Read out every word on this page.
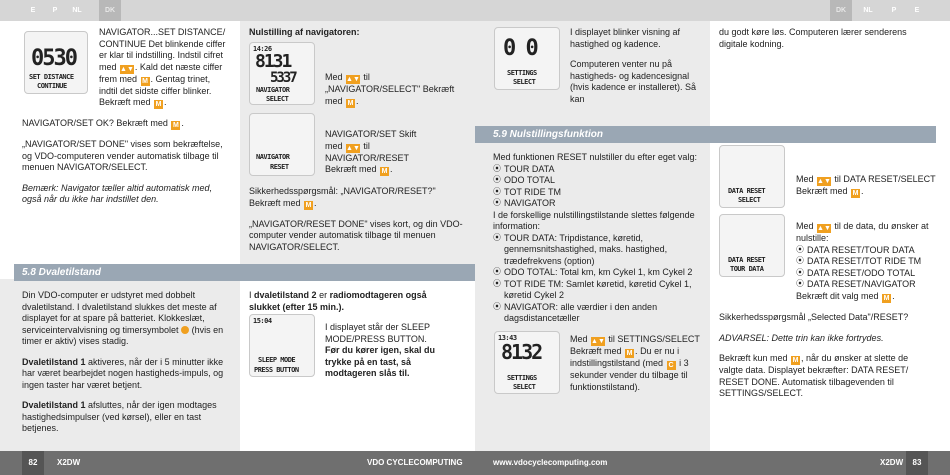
E	P	NL	DK	DK	NL	P	E
0530
SET DISTANCE
CONTINUE
NAVIGATOR...SET DISTANCE/ CONTINUE Det blinkende ciffer er klar til indstilling. Indstil cifret med ▲▼. Kald det næste ciffer frem med M . Gentag trinet, indtil det sidste ciffer blinker. Bekræft med M .

NAVIGATOR/SET OK? Bekræft med M .

„NAVIGATOR/SET DONE" vises som bekræftelse, og VDO-computeren vender automatisk tilbage til menuen NAVIGATOR/SELECT.

Bemærk: Navigator tæller altid automatisk med, også når du ikke har indstillet den.

Nulstilling af navigatoren:
14:26
8131
5337
NAVIGATOR
SELECT
Med ▲▼ til „NAVIGATOR/SELECT" Bekræft med M .
NAVIGATOR
RESET
NAVIGATOR/SET Skift med ▲▼ til NAVIGATOR/RESET Bekræft med M .

Sikkerhedsspørgsmål: „NAVIGATOR/RESET?" Bekræft med M .

„NAVIGATOR/RESET DONE" vises kort, og din VDO-computer vender automatisk tilbage til menuen NAVIGATOR/SELECT.

5.8 Dvaletilstand

Din VDO-computer er udstyret med dobbelt dvaletilstand. I dvaletilstand slukkes det meste af displayet for at spare på batteriet. Klokkeslæt, serviceintervalvisning og timersymbolet (hvis en timer er aktiv) vises stadig.

Dvaletilstand 1 aktiveres, når der i 5 minutter ikke har været bearbejdet nogen hastigheds-impuls, og ingen taster har været betjent.

Dvaletilstand 1 afsluttes, når der igen modtages hastighedsimpulser (ved kørsel), eller en tast betjenes.

I dvaletilstand 2 er radiomodtageren også slukket (efter 15 min.).
15:04
SLEEP MODE
PRESS BUTTON

I displayet står der SLEEP MODE/PRESS BUTTON.

Før du kører igen, skal du trykke på en tast, så modtageren slås til.

82	X2DW	VDO CYCLECOMPUTING
0 0
SETTINGS
SELECT

I displayet blinker visning af hastighed og kadence.

Computeren venter nu på hastigheds- og kadencesignal (hvis kadence er installeret). Så kan

du godt køre løs. Computeren lærer senderens digitale kodning.
5.9 Nulstillingsfunktion

Med funktionen RESET nulstiller du efter eget valg:

⦿ TOUR DATA
⦿ ODO TOTAL
⦿ TOT RIDE TM
⦿ NAVIGATOR

I de forskellige nulstillingstilstande slettes følgende information:

⦿ TOUR DATA: Tripdistance, køretid, gennemsnitshastighed, maks. hastighed, trædefrekvens (option)
⦿ ODO TOTAL: Total km, km Cykel 1, km Cykel 2
⦿ TOT RIDE TM: Samlet køretid, køretid Cykel 1, køretid Cykel 2
⦿ NAVIGATOR: alle værdier i den anden dagsdistancetæller
13:43
8132
SETTINGS
SELECT
Med ▲▼ til SETTINGS/SELECT Bekræft med M . Du er nu i indstillingstilstand (med C i 3 sekunder vender du tilbage til funktionstilstand).
DATA RESET
SELECT
Med ▲▼ til DATA RESET/SELECT Bekræft med M .
DATA RESET
TOUR DATA

Med ▲▼ til de data, du ønsker at nulstille:

⦿ DATA RESET/TOUR DATA
⦿ DATA RESET/TOT RIDE TM
⦿ DATA RESET/ODO TOTAL
⦿ DATA RESET/NAVIGATOR

Bekræft dit valg med M .

Sikkerhedsspørgsmål „Selected Data"/RESET?

ADVARSEL: Dette trin kan ikke fortrydes.

Bekræft kun med M , når du ønsker at slette de valgte data. Displayet bekræfter: DATA RESET/ RESET DONE. Automatisk tilbagevenden til SETTINGS/SELECT.

www.vdocyclecomputing.com	X2DW	83
